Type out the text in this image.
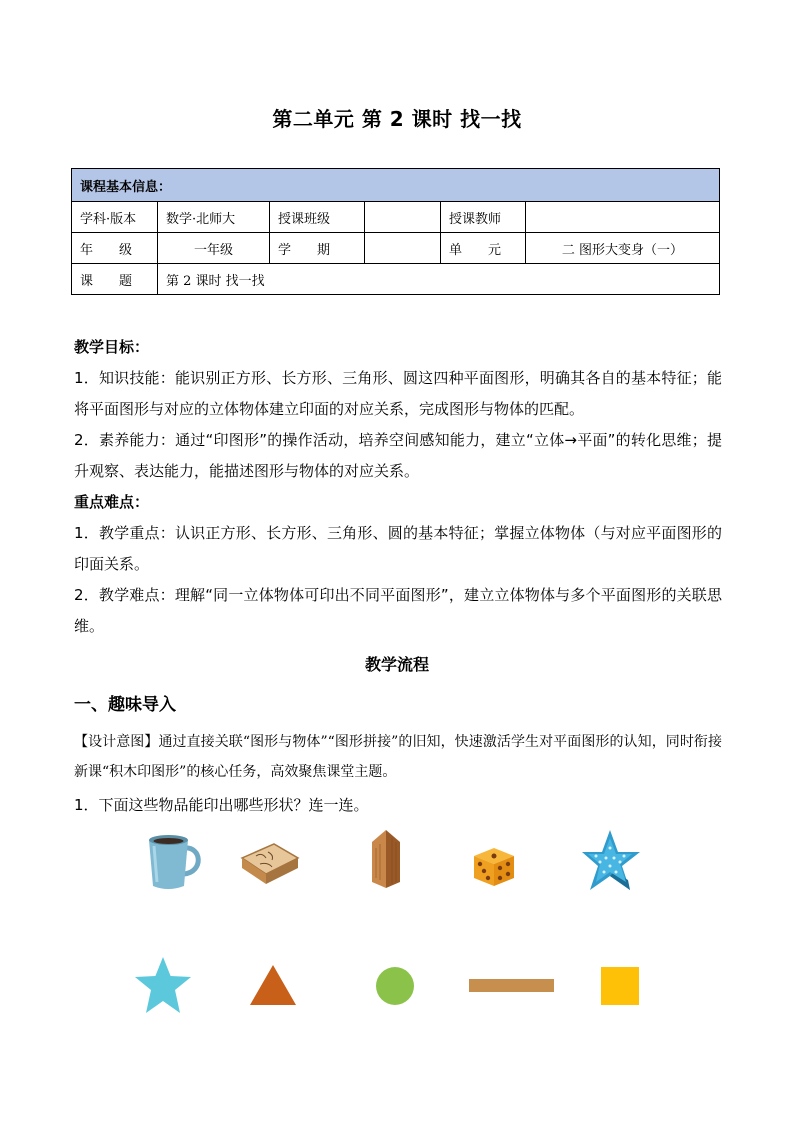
第二单元 第 2 课时 找一找
课程基本信息：					
学科·版本	数学·北师大	授课班级		授课教师	
年　　级	一年级	学　　期		单　　元	二 图形大变身（一）
课　　题	第 2 课时 找一找				
教学目标：
1．知识技能：能识别正方形、长方形、三角形、圆这四种平面图形，明确其各自的基本特征；能将平面图形与对应的立体物体建立印面的对应关系，完成图形与物体的匹配。
2．素养能力：通过“印图形”的操作活动，培养空间感知能力，建立“立体→平面”的转化思维；提升观察、表达能力，能描述图形与物体的对应关系。
重点难点：
1．教学重点：认识正方形、长方形、三角形、圆的基本特征；掌握立体物体（与对应平面图形的印面关系。
2．教学难点：理解“同一立体物体可印出不同平面图形”，建立立体物体与多个平面图形的关联思维。
教学流程
一、趣味导入
【设计意图】通过直接关联“图形与物体”“图形拼接”的旧知，快速激活学生对平面图形的认知，同时衔接新课“积木印图形”的核心任务，高效聚焦课堂主题。
1．下面这些物品能印出哪些形状？连一连。
